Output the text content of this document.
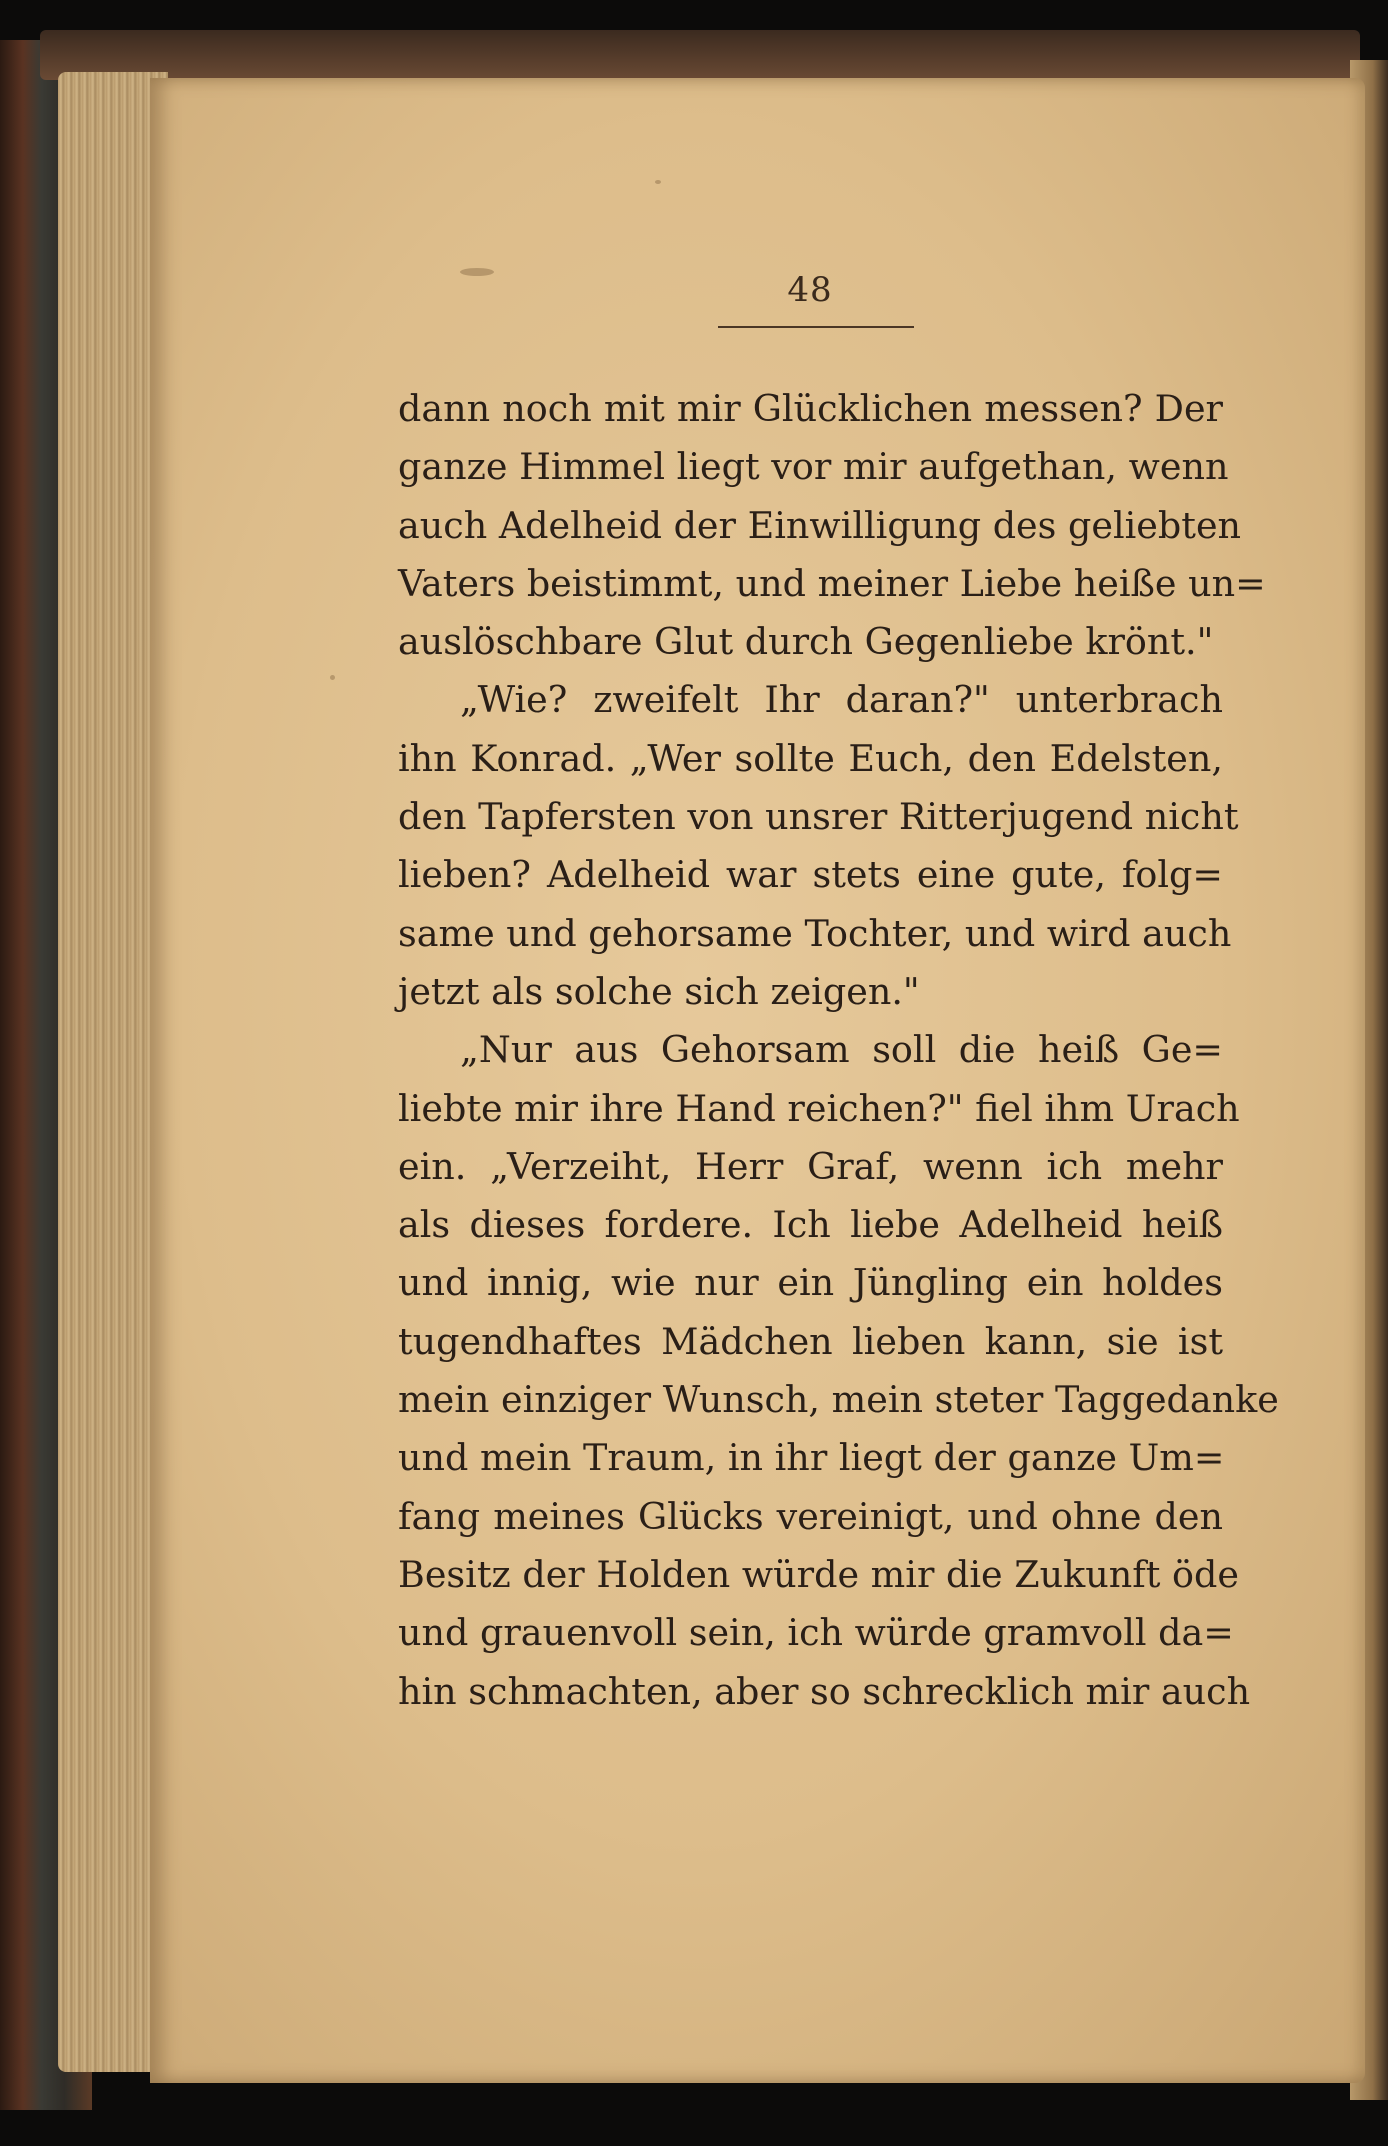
48
dann noch mit mir Glücklichen messen? Der
ganze Himmel liegt vor mir aufgethan, wenn
auch Adelheid der Einwilligung des geliebten
Vaters beistimmt, und meiner Liebe heiße un=
auslöschbare Glut durch Gegenliebe krönt."
„Wie? zweifelt Ihr daran?" unterbrach
ihn Konrad. „Wer sollte Euch, den Edelsten,
den Tapfersten von unsrer Ritterjugend nicht
lieben? Adelheid war stets eine gute, folg=
same und gehorsame Tochter, und wird auch
jetzt als solche sich zeigen."
„Nur aus Gehorsam soll die heiß Ge=
liebte mir ihre Hand reichen?" fiel ihm Urach
ein. „Verzeiht, Herr Graf, wenn ich mehr
als dieses fordere. Ich liebe Adelheid heiß
und innig, wie nur ein Jüngling ein holdes
tugendhaftes Mädchen lieben kann, sie ist
mein einziger Wunsch, mein steter Taggedanke
und mein Traum, in ihr liegt der ganze Um=
fang meines Glücks vereinigt, und ohne den
Besitz der Holden würde mir die Zukunft öde
und grauenvoll sein, ich würde gramvoll da=
hin schmachten, aber so schrecklich mir auch
